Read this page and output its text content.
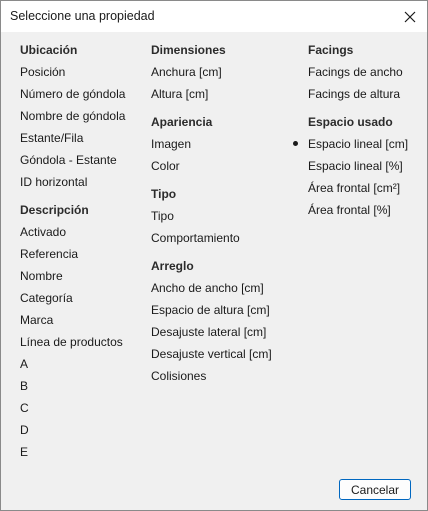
Seleccione una propiedad
Ubicación
Posición
Número de góndola
Nombre de góndola
Estante/Fila
Góndola - Estante
ID horizontal
Descripción
Activado
Referencia
Nombre
Categoría
Marca
Línea de productos
A
B
C
D
E
Dimensiones
Anchura [cm]
Altura [cm]
Apariencia
Imagen
Color
Tipo
Tipo
Comportamiento
Arreglo
Ancho de ancho [cm]
Espacio de altura [cm]
Desajuste lateral [cm]
Desajuste vertical [cm]
Colisiones
Facings
Facings de ancho
Facings de altura
Espacio usado
Espacio lineal [cm]
Espacio lineal [%]
Área frontal [cm²]
Área frontal [%]
Cancelar
